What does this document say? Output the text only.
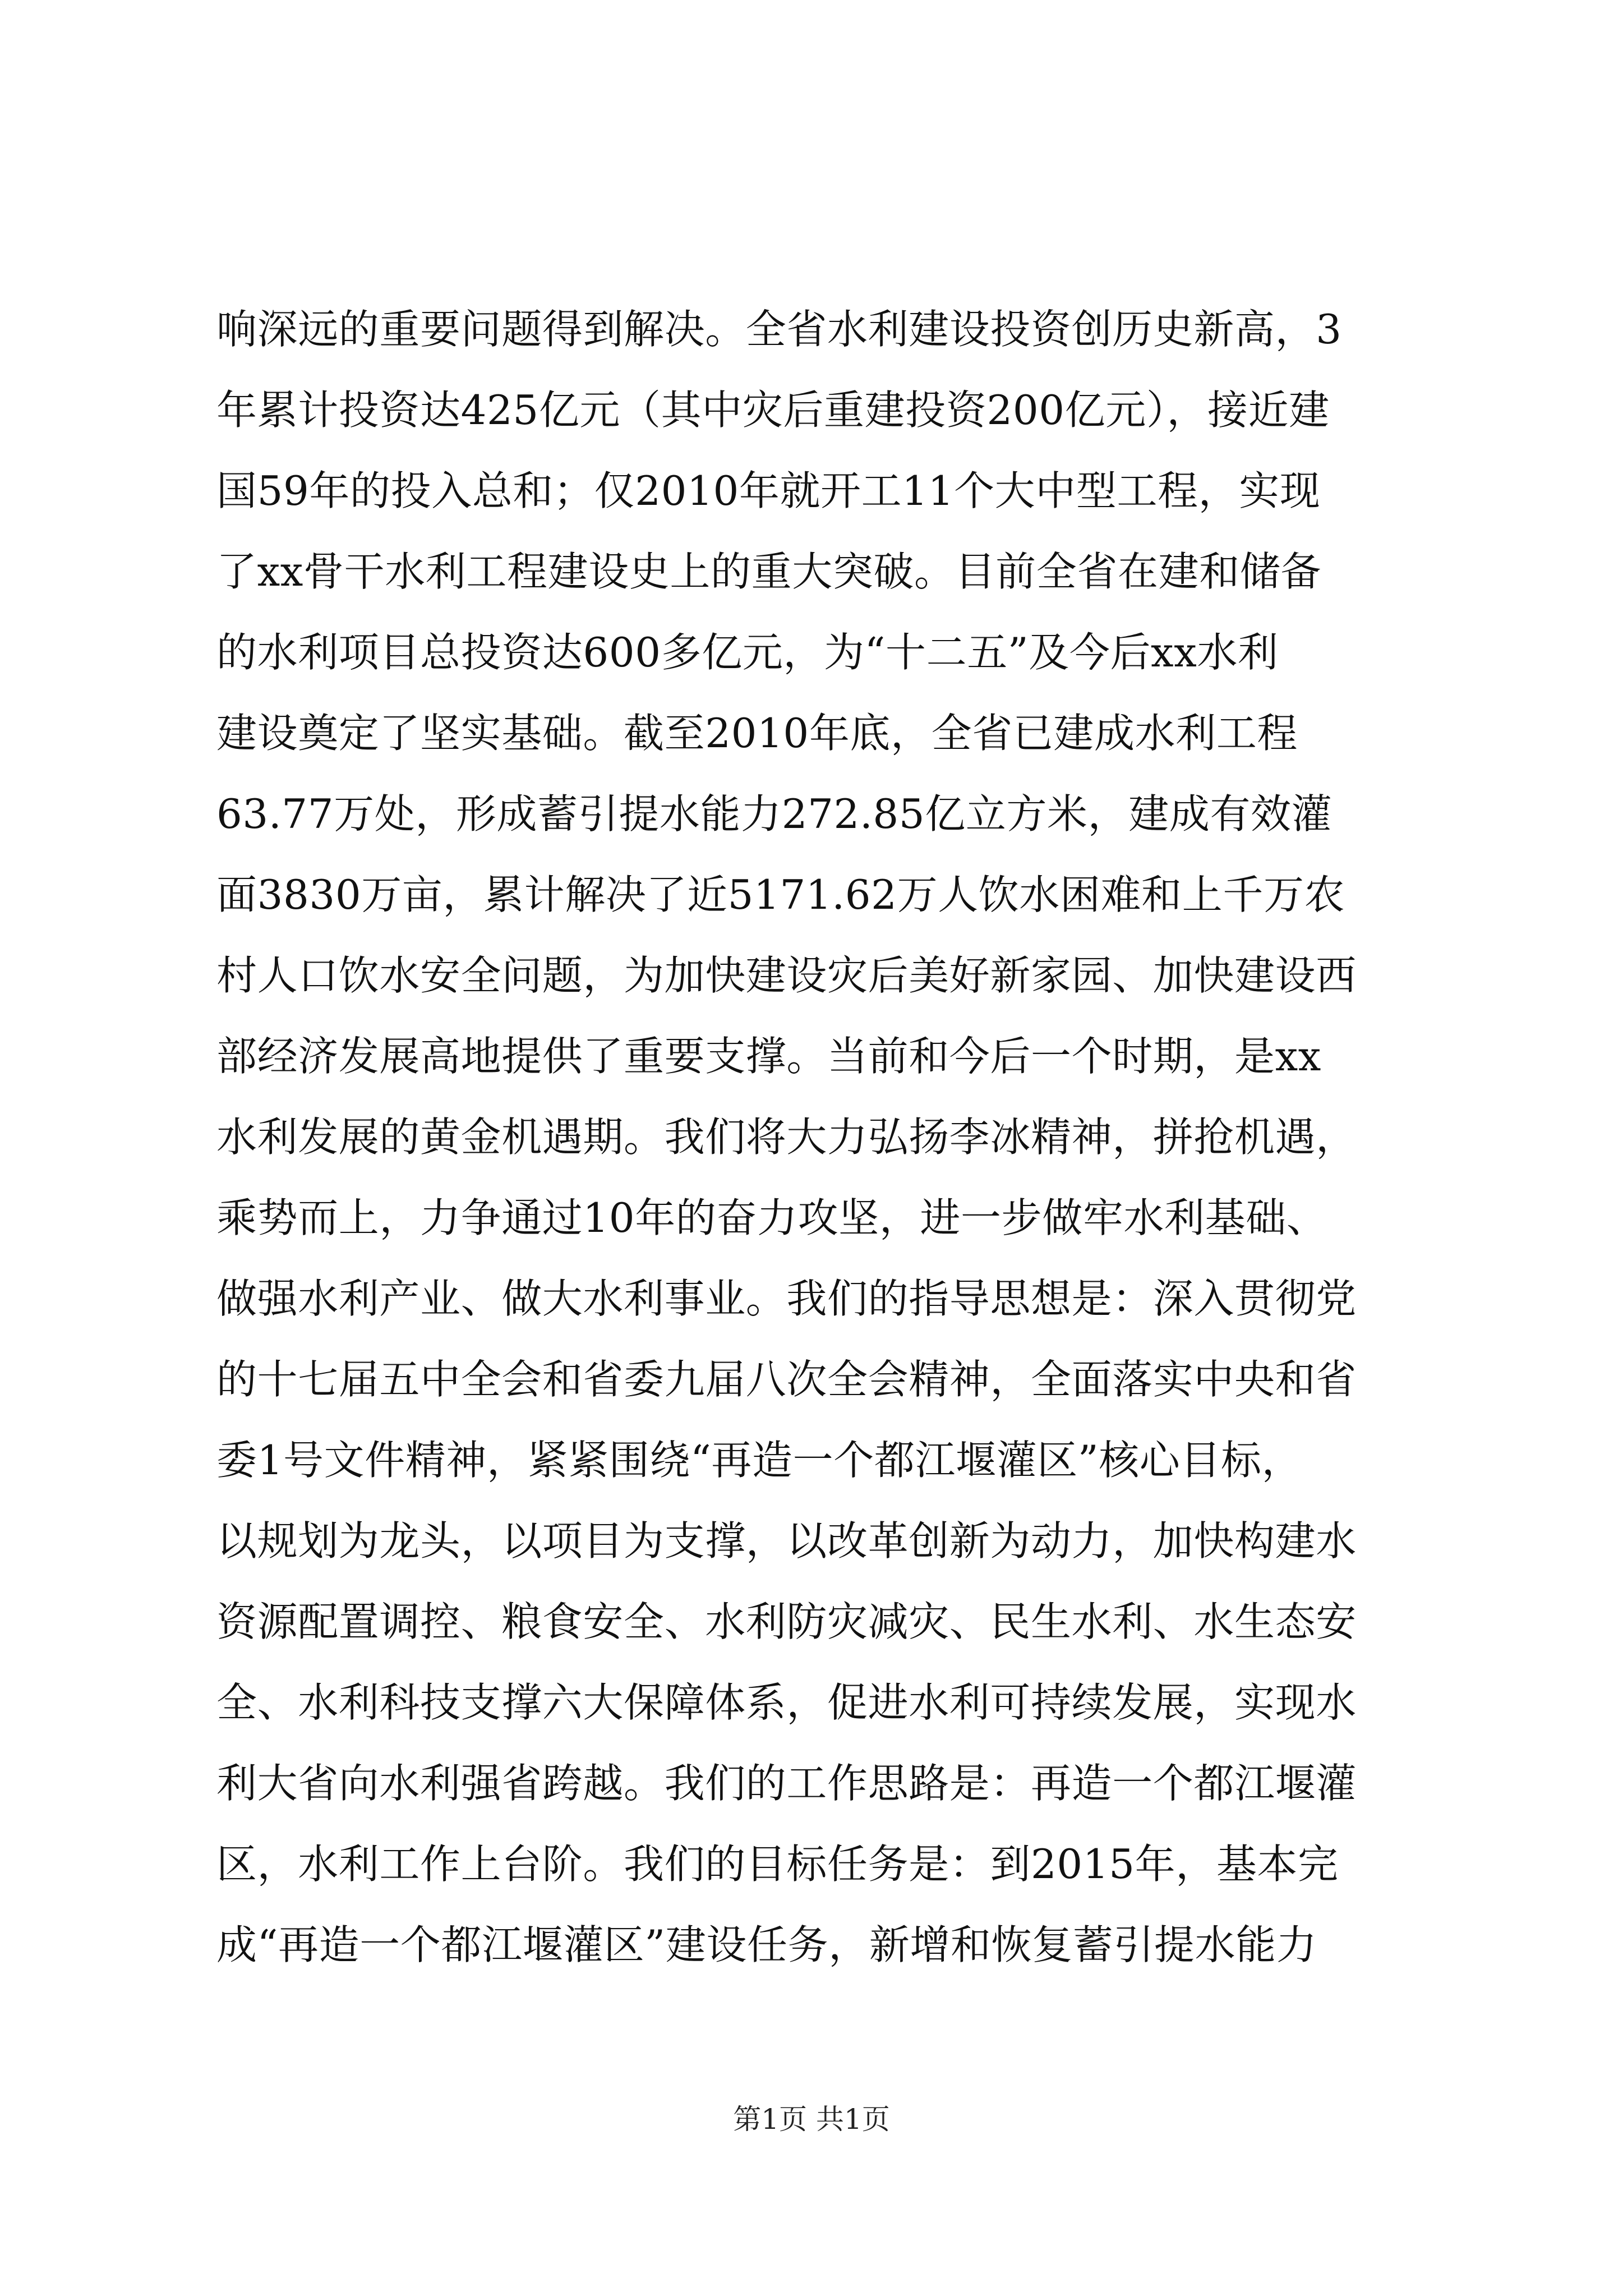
响深远的重要问题得到解决。全省水利建设投资创历史新高，3
年累计投资达425亿元（其中灾后重建投资200亿元），接近建
国59年的投入总和；仅2010年就开工11个大中型工程，实现
了xx骨干水利工程建设史上的重大突破。目前全省在建和储备
的水利项目总投资达600多亿元，为“十二五”及今后xx水利
建设奠定了坚实基础。截至2010年底，全省已建成水利工程
63.77万处，形成蓄引提水能力272.85亿立方米，建成有效灌
面3830万亩，累计解决了近5171.62万人饮水困难和上千万农
村人口饮水安全问题，为加快建设灾后美好新家园、加快建设西
部经济发展高地提供了重要支撑。当前和今后一个时期，是xx
水利发展的黄金机遇期。我们将大力弘扬李冰精神，拼抢机遇，
乘势而上，力争通过10年的奋力攻坚，进一步做牢水利基础、
做强水利产业、做大水利事业。我们的指导思想是：深入贯彻党
的十七届五中全会和省委九届八次全会精神，全面落实中央和省
委1号文件精神，紧紧围绕“再造一个都江堰灌区”核心目标，
以规划为龙头，以项目为支撑，以改革创新为动力，加快构建水
资源配置调控、粮食安全、水利防灾减灾、民生水利、水生态安
全、水利科技支撑六大保障体系，促进水利可持续发展，实现水
利大省向水利强省跨越。我们的工作思路是：再造一个都江堰灌
区，水利工作上台阶。我们的目标任务是：到2015年，基本完
成“再造一个都江堰灌区”建设任务，新增和恢复蓄引提水能力
第1页 共1页
